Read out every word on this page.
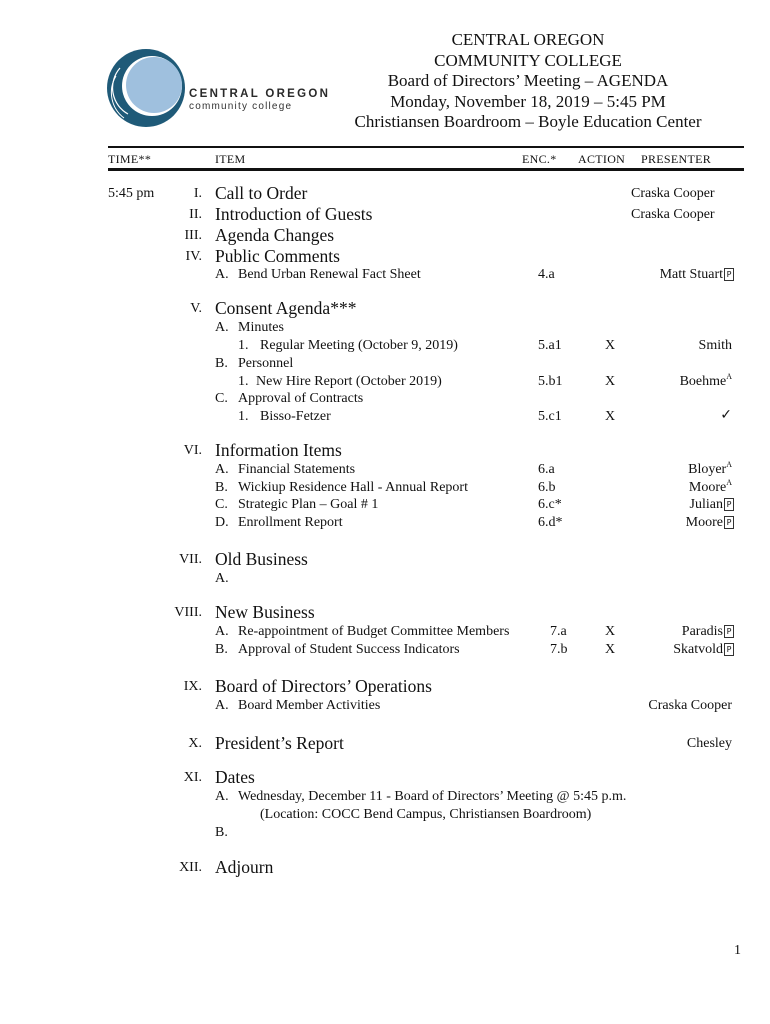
CENTRAL OREGON
community college
CENTRAL OREGON
COMMUNITY COLLEGE
Board of Directors’ Meeting – AGENDA
Monday, November 18, 2019 – 5:45 PM
Christiansen Boardroom – Boyle Education Center
TIME**	ITEM	ENC.* ACTION PRESENTER
5:45 pm	I. Call to Order	Craska Cooper
II. Introduction of Guests	Craska Cooper
III. Agenda Changes
IV. Public Comments
A. Bend Urban Renewal Fact Sheet	4.a	Matt Stuart P
V. Consent Agenda***
A. Minutes
1. Regular Meeting (October 9, 2019)	5.a1	X	Smith
B. Personnel
1. New Hire Report (October 2019)	5.b1	X	Boehme$^A$
C. Approval of Contracts
1. Bisso-Fetzer	5.c1	X	✓
VI. Information Items
A. Financial Statements	6.a	Bloyer$^A$
B. Wickiup Residence Hall - Annual Report	6.b	Moore$^A$
C. Strategic Plan – Goal # 1	6.c*	Julian P
D. Enrollment Report	6.d*	Moore P
VII. Old Business
A.
VIII. New Business
A. Re-appointment of Budget Committee Members	7.a	X	Paradis P
B. Approval of Student Success Indicators	7.b	X	Skatvold P
IX. Board of Directors’ Operations
A. Board Member Activities	Craska Cooper
X. President’s Report	Chesley
XI. Dates
A. Wednesday, December 11 - Board of Directors’ Meeting @ 5:45 p.m.
(Location: COCC Bend Campus, Christiansen Boardroom)
B.
XII. Adjourn
1
